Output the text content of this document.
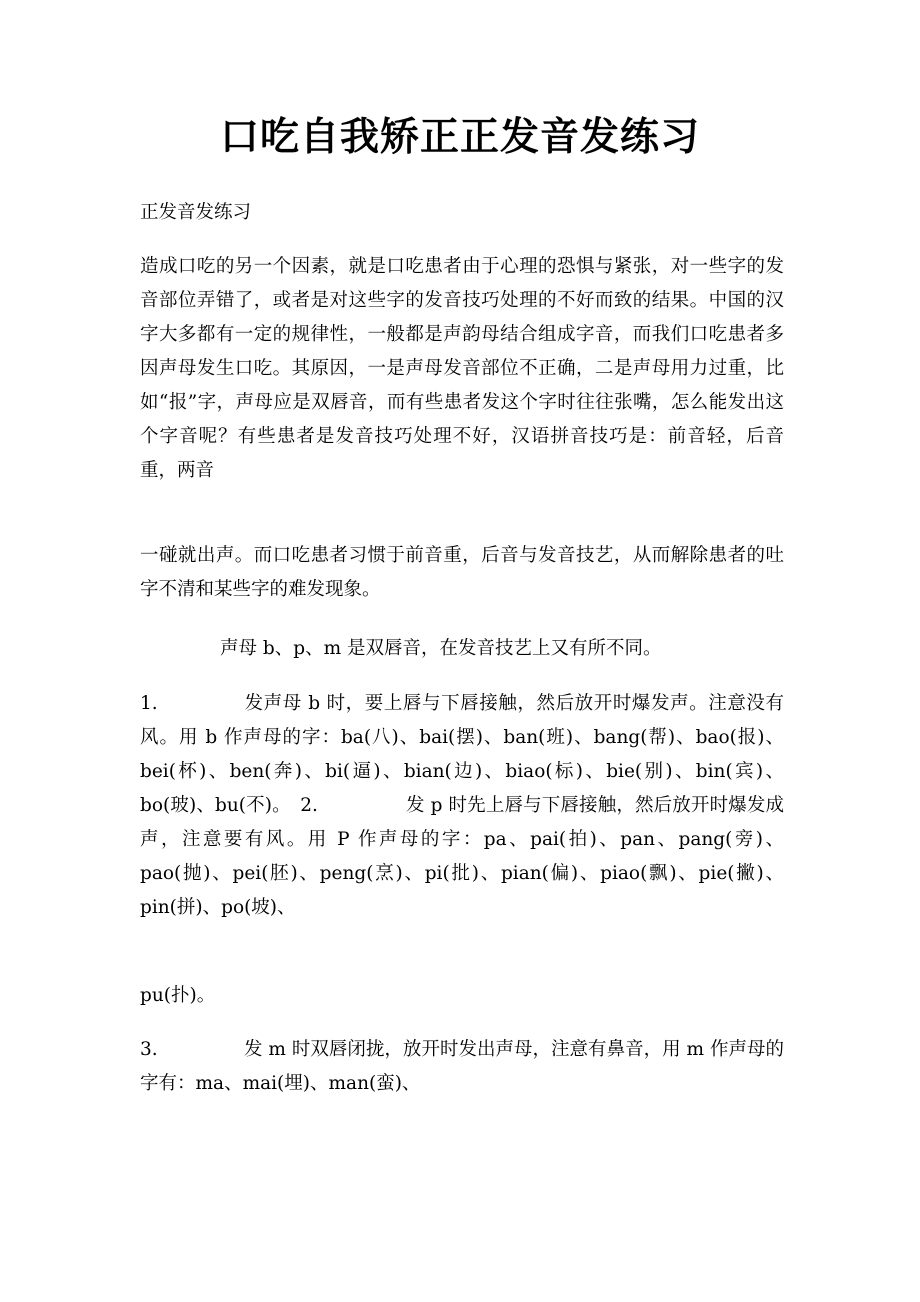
口吃自我矫正正发音发练习

正发音发练习

造成口吃的另一个因素，就是口吃患者由于心理的恐惧与紧张，对一些字的发音部位弄错了，或者是对这些字的发音技巧处理的不好而致的结果。中国的汉字大多都有一定的规律性，一般都是声韵母结合组成字音，而我们口吃患者多因声母发生口吃。其原因，一是声母发音部位不正确，二是声母用力过重，比如“报”字，声母应是双唇音，而有些患者发这个字时往往张嘴，怎么能发出这个字音呢？有些患者是发音技巧处理不好，汉语拼音技巧是：前音轻，后音重，两音

一碰就出声。而口吃患者习惯于前音重，后音与发音技艺，从而解除患者的吐字不清和某些字的难发现象。

声母 b、p、m 是双唇音，在发音技艺上又有所不同。

1.	发声母 b 时，要上唇与下唇接触，然后放开时爆发声。注意没有风。用 b 作声母的字：ba(八)、bai(摆)、ban(班)、bang(帮)、bao(报)、bei(杯)、ben(奔)、bi(逼)、bian(边)、biao(标)、bie(别)、bin(宾)、bo(玻)、bu(不)。　 2.	发 p 时先上唇与下唇接触，然后放开时爆发成声，注意要有风。用 P 作声母的字：pa、pai(拍)、pan、pang(旁)、pao(抛)、pei(胚)、peng(烹)、pi(批)、pian(偏)、piao(飘)、pie(撇)、pin(拼)、po(坡)、

pu(扑)。

3.	发 m 时双唇闭拢，放开时发出声母，注意有鼻音，用 m 作声母的字有：ma、mai(埋)、man(蛮)、
